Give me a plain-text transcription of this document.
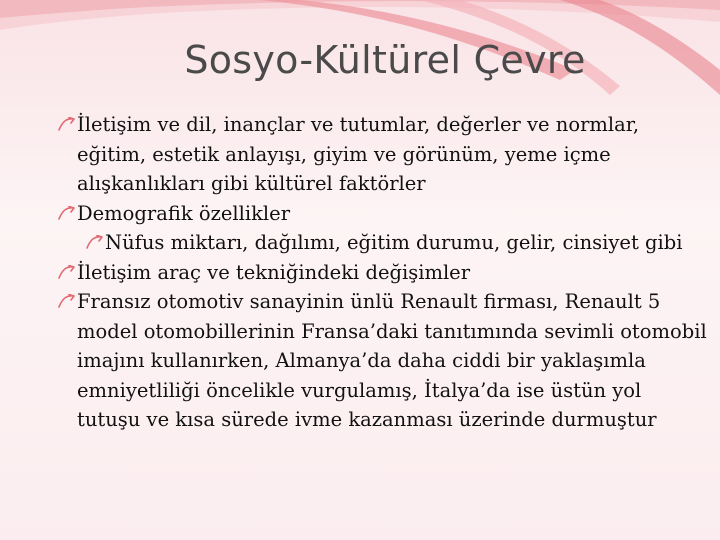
Sosyo-Kültürel Çevre
İletişim ve dil, inançlar ve tutumlar, değerler ve normlar, eğitim, estetik anlayışı, giyim ve görünüm, yeme içme alışkanlıkları gibi kültürel faktörler
Demografik özellikler
Nüfus miktarı, dağılımı, eğitim durumu, gelir, cinsiyet gibi
İletişim araç ve tekniğindeki değişimler
Fransız otomotiv sanayinin ünlü Renault firması, Renault 5 model otomobillerinin Fransa’daki tanıtımında sevimli otomobil imajını kullanırken, Almanya’da daha ciddi bir yaklaşımla emniyetliliği öncelikle vurgulamış, İtalya’da ise üstün yol tutuşu ve kısa sürede ivme kazanması üzerinde durmuştur
